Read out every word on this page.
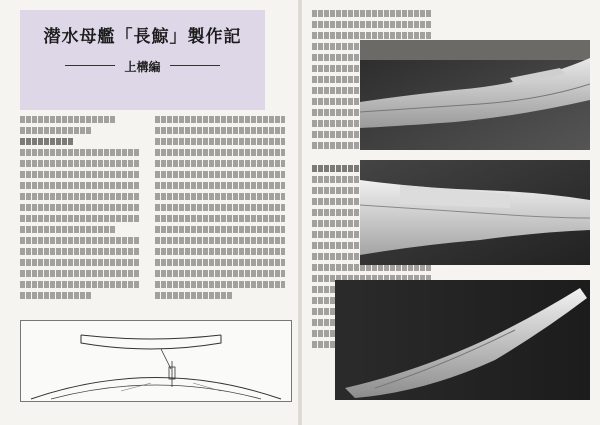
潜水母艦「長鯨」製作記
上構編
